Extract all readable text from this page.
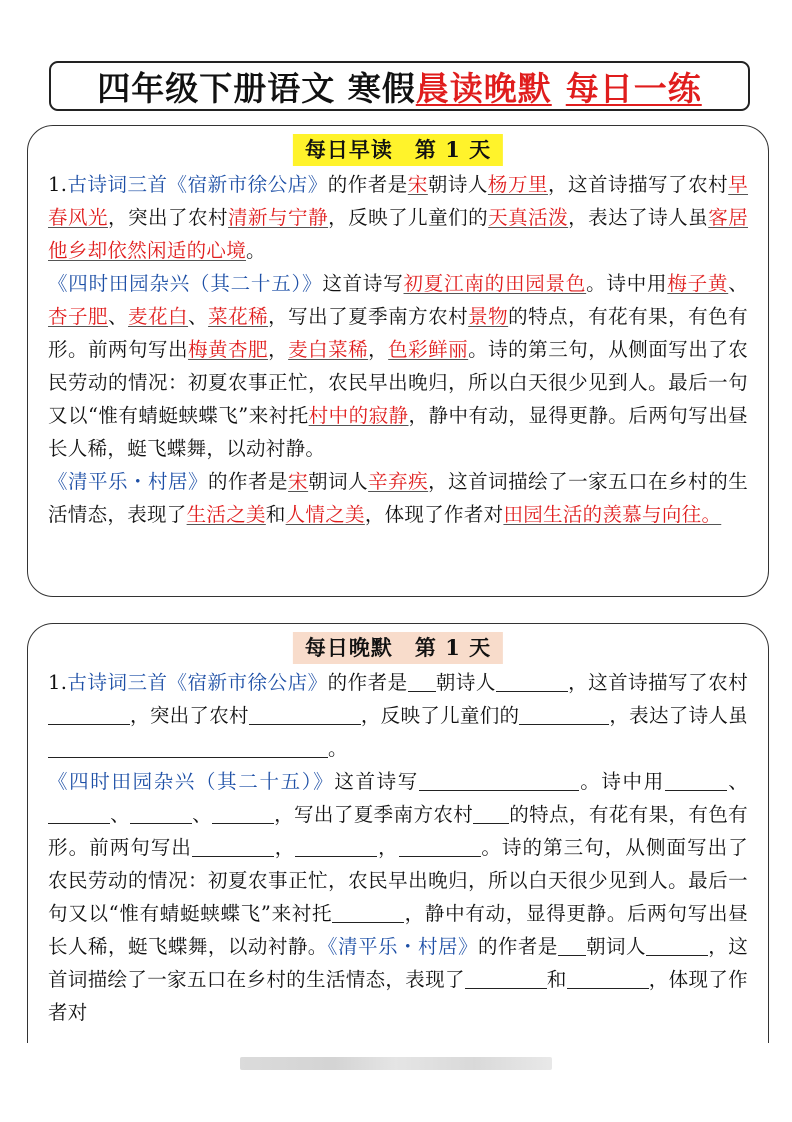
四年级下册语文 寒假 晨读晚默 每日一练
每日早读　第 1 天
1.古诗词三首《宿新市徐公店》的作者是宋朝诗人杨万里，这首诗描写了农村早春风光，突出了农村清新与宁静，反映了儿童们的天真活泼，表达了诗人虽客居他乡却依然闲适的心境。
《四时田园杂兴（其二十五）》这首诗写初夏江南的田园景色。诗中用梅子黄、杏子肥、麦花白、菜花稀，写出了夏季南方农村景物的特点，有花有果，有色有形。前两句写出梅黄杏肥，麦白菜稀，色彩鲜丽。诗的第三句，从侧面写出了农民劳动的情况：初夏农事正忙，农民早出晚归，所以白天很少见到人。最后一句又以“惟有蜻蜓蛱蝶飞”来衬托村中的寂静，静中有动，显得更静。后两句写出昼长人稀，蜓飞蝶舞，以动衬静。
《清平乐・村居》的作者是宋朝词人辛弃疾，这首词描绘了一家五口在乡村的生活情态，表现了生活之美和人情之美，体现了作者对田园生活的羡慕与向往。
每日晚默　第 1 天
1.古诗词三首《宿新市徐公店》的作者是 朝诗人	，这首诗描写了农村，突出了农村	，反映了儿童们的	，表达了诗人虽。
《四时田园杂兴（其二十五）》这首诗写	。诗中用	、、	、	，写出了夏季南方农村 的特点，有花有果，有色有形。前两句写出	，	，	。诗的第三句，从侧面写出了农民劳动的情况：初夏农事正忙，农民早出晚归，所以白天很少见到人。最后一句又以“惟有蜻蜓蛱蝶飞”来衬托	，静中有动，显得更静。后两句写出昼长人稀，蜓飞蝶舞，以动衬静。《清平乐・村居》的作者是 朝词人	，这首词描绘了一家五口在乡村的生活情态，表现了	和	，体现了作者对
